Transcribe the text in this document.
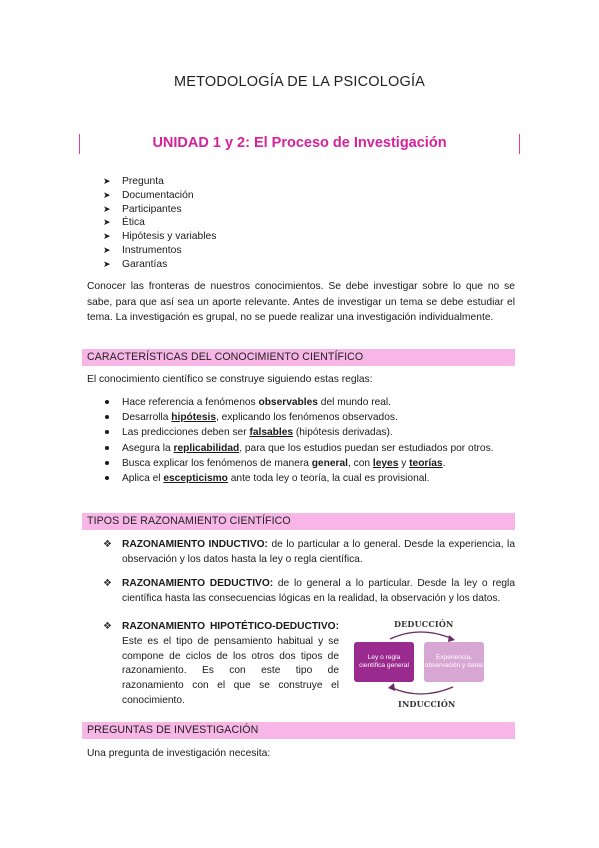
METODOLOGÍA DE LA PSICOLOGÍA
UNIDAD 1 y 2: El Proceso de Investigación
➤ Pregunta
➤ Documentación
➤ Participantes
➤ Ética
➤ Hipótesis y variables
➤ Instrumentos
➤ Garantías
Conocer las fronteras de nuestros conocimientos. Se debe investigar sobre lo que no se sabe, para que así sea un aporte relevante. Antes de investigar un tema se debe estudiar el tema. La investigación es grupal, no se puede realizar una investigación individualmente.
CARACTERÍSTICAS DEL CONOCIMIENTO CIENTÍFICO
El conocimiento científico se construye siguiendo estas reglas:
Hace referencia a fenómenos observables del mundo real.
Desarrolla hipótesis, explicando los fenómenos observados.
Las predicciones deben ser falsables (hipótesis derivadas).
Asegura la replicabilidad, para que los estudios puedan ser estudiados por otros.
Busca explicar los fenómenos de manera general, con leyes y teorías.
Aplica el escepticismo ante toda ley o teoría, la cual es provisional.
TIPOS DE RAZONAMIENTO CIENTÍFICO
❖ RAZONAMIENTO INDUCTIVO: de lo particular a lo general. Desde la experiencia, la observación y los datos hasta la ley o regla científica.
❖ RAZONAMIENTO DEDUCTIVO: de lo general a lo particular. Desde la ley o regla científica hasta las consecuencias lógicas en la realidad, la observación y los datos.
❖ RAZONAMIENTO HIPOTÉTICO-DEDUCTIVO:
Este es el tipo de pensamiento habitual y se compone de ciclos de los otros dos tipos de razonamiento. Es con este tipo de razonamiento con el que se construye el conocimiento.
DEDUCCIÓN
Ley o regla científica general
Experiencia, observación y datos
INDUCCIÓN
PREGUNTAS DE INVESTIGACIÓN
Una pregunta de investigación necesita:
